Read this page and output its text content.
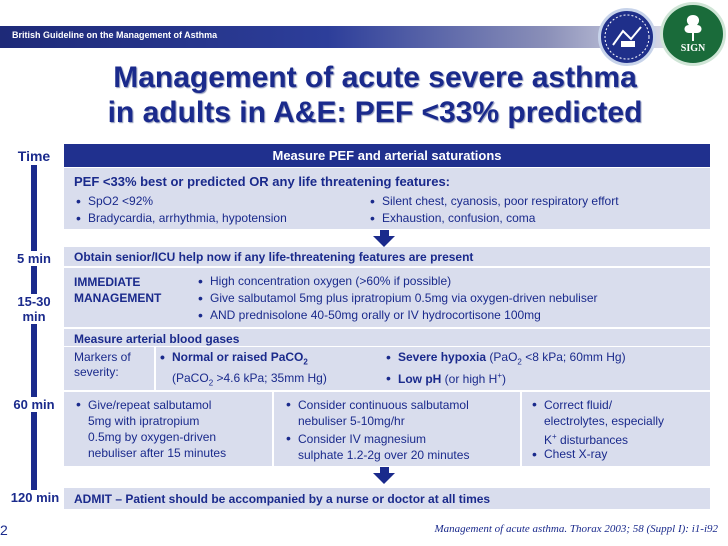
British Guideline on the Management of Asthma
SIGN
Management of acute severe asthma
in adults in A&E: PEF <33% predicted
Time
5 min
15-30
min
60 min
120 min
Measure PEF and arterial saturations
PEF <33% best or predicted OR any life threatening features:
• SpO2 <92%
• Bradycardia, arrhythmia, hypotension
• Silent chest, cyanosis, poor respiratory effort
• Exhaustion, confusion, coma
Obtain senior/ICU help now if any life-threatening features are present
IMMEDIATE
MANAGEMENT
• High concentration oxygen (>60% if possible)
• Give salbutamol 5mg plus ipratropium 0.5mg via oxygen-driven nebuliser
• AND prednisolone 40-50mg orally or IV hydrocortisone 100mg
Measure arterial blood gases
Markers of
severity:
• Normal or raised PaCO$_2$
(PaCO$_2$ >4.6 kPa; 35mm Hg)
• Severe hypoxia (PaO$_2$ <8 kPa; 60mm Hg)
• Low pH (or high H+)
• Give/repeat salbutamol
5mg with ipratropium
0.5mg by oxygen-driven
nebuliser after 15 minutes
• Consider continuous salbutamol
nebuliser 5-10mg/hr
• Consider IV magnesium
sulphate 1.2-2g over 20 minutes
• Correct fluid/
electrolytes, especially
K+ disturbances
• Chest X-ray
ADMIT – Patient should be accompanied by a nurse or doctor at all times
2	Management of acute asthma. Thorax 2003; 58 (Suppl I): i1-i92
